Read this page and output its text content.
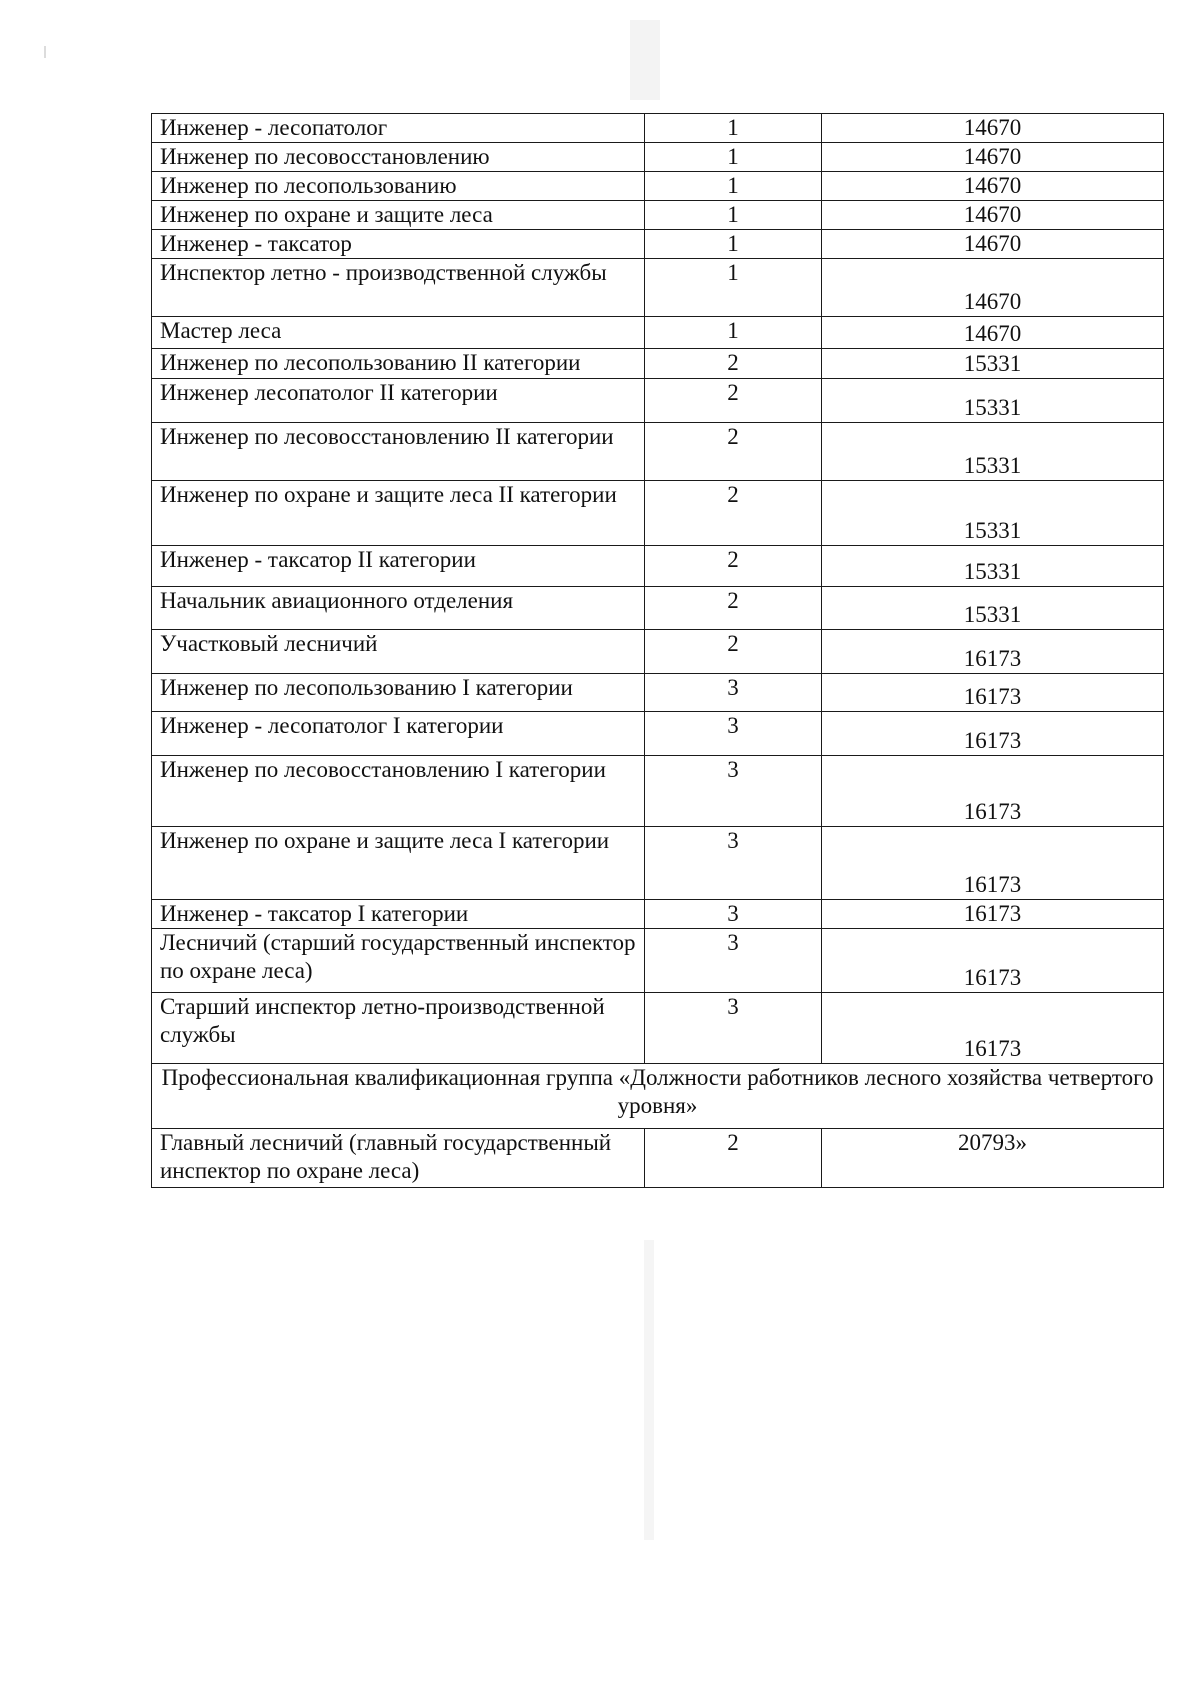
Инженер - лесопатолог	1	14670
Инженер по лесовосстановлению	1	14670
Инженер по лесопользованию	1	14670
Инженер по охране и защите леса	1	14670
Инженер - таксатор	1	14670
Инспектор летно - производственной службы	1	14670
Мастер леса	1	14670
Инженер по лесопользованию II категории	2	15331
Инженер лесопатолог II категории	2	15331
Инженер по лесовосстановлению II категории	2	15331
Инженер по охране и защите леса II категории	2	15331
Инженер - таксатор II категории	2	15331
Начальник авиационного отделения	2	15331
Участковый лесничий	2	16173
Инженер по лесопользованию I категории	3	16173
Инженер - лесопатолог I категории	3	16173
Инженер по лесовосстановлению I категории	3	16173
Инженер по охране и защите леса I категории	3	16173
Инженер - таксатор I категории	3	16173
Лесничий (старший государственный инспектор по охране леса)	3	16173
Старший инспектор летно-производственной службы	3	16173
Профессиональная квалификационная группа «Должности работников лесного хозяйства четвертого уровня»		
Главный лесничий (главный государственный инспектор по охране леса)	2	20793»
